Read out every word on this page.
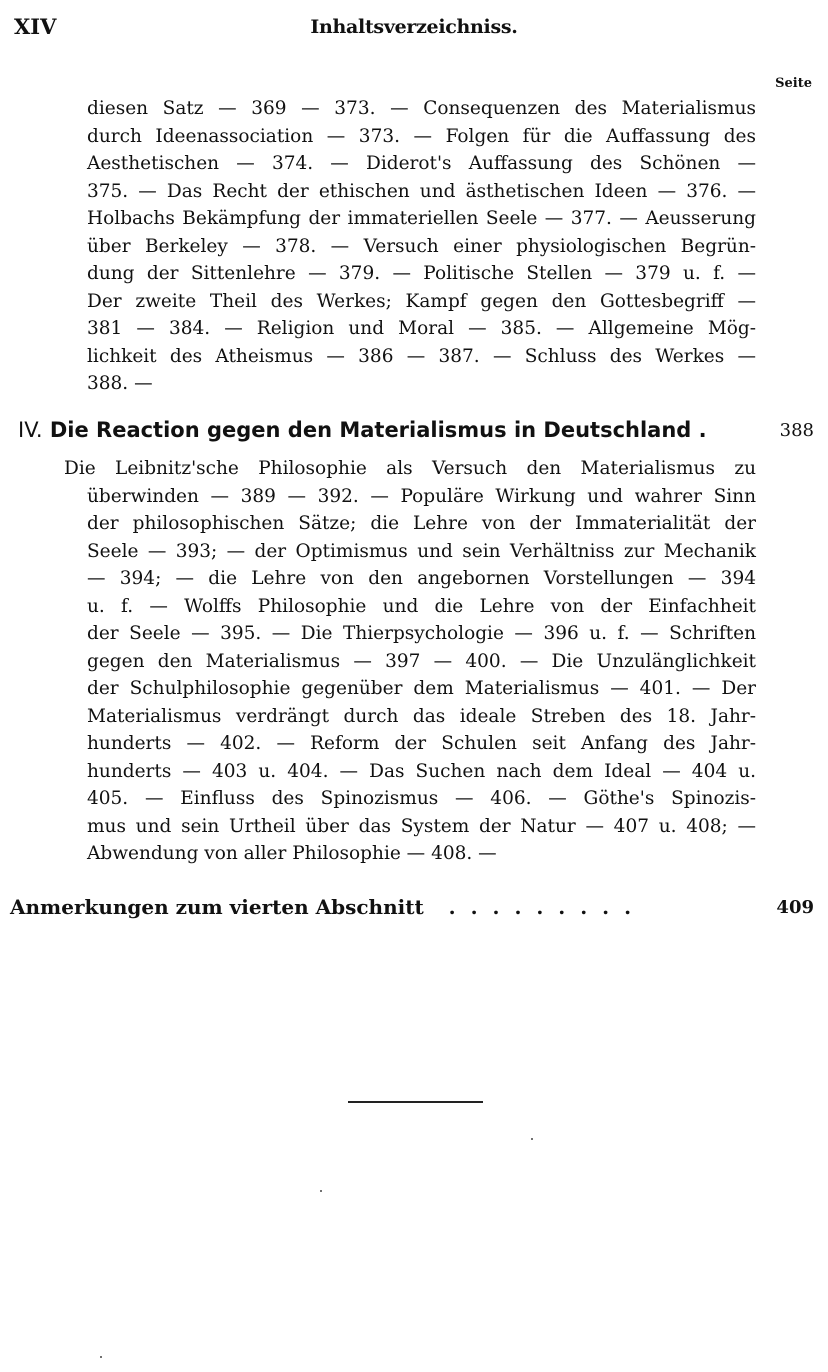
XIV	Inhaltsverzeichniss.
Seite
diesen Satz — 369 — 373. — Consequenzen des Materialismus
durch Ideenassociation — 373. — Folgen für die Auffassung des
Aesthetischen — 374. — Diderot's Auffassung des Schönen —
375. — Das Recht der ethischen und ästhetischen Ideen — 376. —
Holbachs Bekämpfung der immateriellen Seele — 377. — Aeusserung
über Berkeley — 378. — Versuch einer physiologischen Begrün-
dung der Sittenlehre — 379. — Politische Stellen — 379 u. f. —
Der zweite Theil des Werkes; Kampf gegen den Gottesbegriff —
381 — 384. — Religion und Moral — 385. — Allgemeine Mög-
lichkeit des Atheismus — 386 — 387. — Schluss des Werkes —
388. —
IV. Die Reaction gegen den Materialismus in Deutschland .	388
Die Leibnitz'sche Philosophie als Versuch den Materialismus zu
überwinden — 389 — 392. — Populäre Wirkung und wahrer Sinn
der philosophischen Sätze; die Lehre von der Immaterialität der
Seele — 393; — der Optimismus und sein Verhältniss zur Mechanik
— 394; — die Lehre von den angebornen Vorstellungen — 394
u. f. — Wolffs Philosophie und die Lehre von der Einfachheit
der Seele — 395. — Die Thierpsychologie — 396 u. f. — Schriften
gegen den Materialismus — 397 — 400. — Die Unzulänglichkeit
der Schulphilosophie gegenüber dem Materialismus — 401. — Der
Materialismus verdrängt durch das ideale Streben des 18. Jahr-
hunderts — 402. — Reform der Schulen seit Anfang des Jahr-
hunderts — 403 u. 404. — Das Suchen nach dem Ideal — 404 u.
405. — Einfluss des Spinozismus — 406. — Göthe's Spinozis-
mus und sein Urtheil über das System der Natur — 407 u. 408; —
Abwendung von aller Philosophie — 408. —
Anmerkungen zum vierten Abschnitt . . . . . . . . .	409
